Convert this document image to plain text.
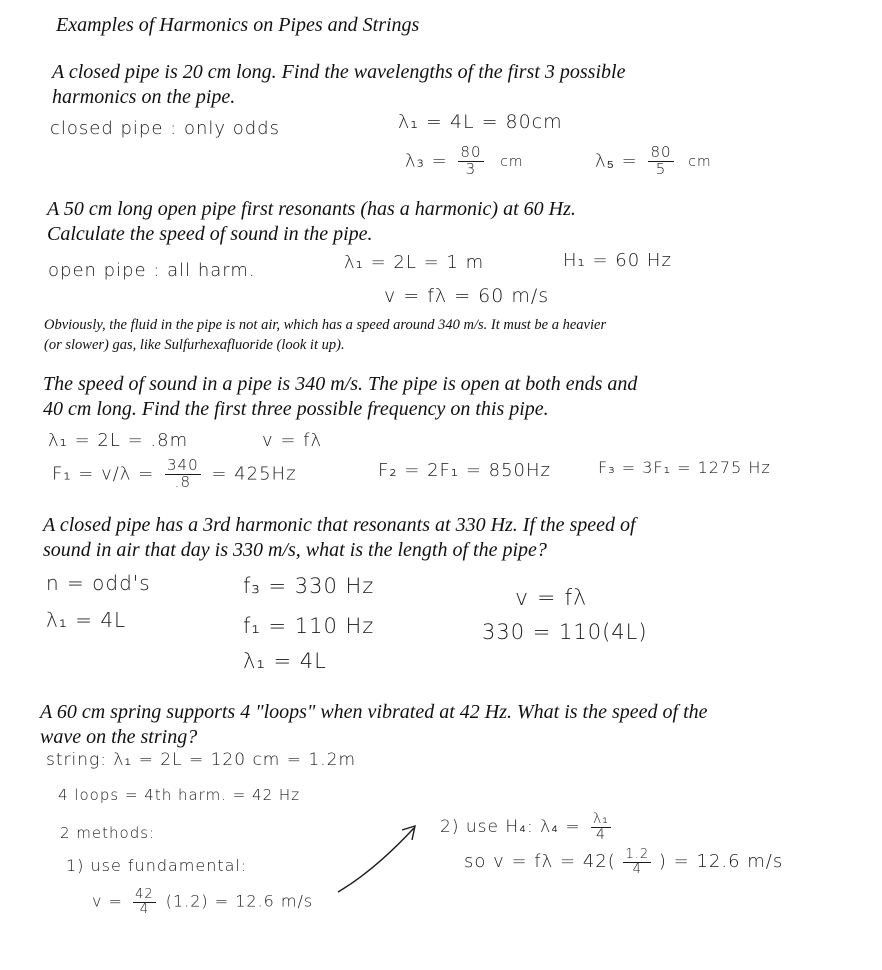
Examples of Harmonics on Pipes and Strings
A closed pipe is 20 cm long. Find the wavelengths of the first 3 possible
harmonics on the pipe.
closed pipe : only odds	λ₁ = 4L = 80cm
$\lambda_3 = \frac{80}{3}$ cm	$\lambda_5 = \frac{80}{5}$ cm
A 50 cm long open pipe first resonants (has a harmonic) at 60 Hz.
Calculate the speed of sound in the pipe.
open pipe : all harm.	λ₁ = 2L = 1 m	H₁ = 60 Hz
v = fλ = 60 m/s
Obviously, the fluid in the pipe is not air, which has a speed around 340 m/s. It must be a heavier
(or slower) gas, like Sulfurhexafluoride (look it up).
The speed of sound in a pipe is 340 m/s. The pipe is open at both ends and
40 cm long. Find the first three possible frequency on this pipe.
λ₁ = 2L = .8m	v = fλ
$F_1 = v/\lambda = \frac{340}{.8} = 425Hz$	F₂ = 2F₁ = 850Hz	F₃ = 3F₁ = 1275 Hz
A closed pipe has a 3rd harmonic that resonants at 330 Hz. If the speed of
sound in air that day is 330 m/s, what is the length of the pipe?
n = odd's
λ₁ = 4L
f₃ = 330 Hz
f₁ = 110 Hz
λ₁ = 4L
v = fλ
330 = 110(4L)
A 60 cm spring supports 4 "loops" when vibrated at 42 Hz. What is the speed of the
wave on the string?
string: λ₁ = 2L = 120 cm = 1.2m
4 loops = 4th harm. = 42 Hz
2 methods:
1) use fundamental:
$v = \frac{42}{4} (1.2) = 12.6$ m/s
2) use H₄: $\lambda_4 = \frac{\text{λ₁}}{4}$
so $v = f\lambda = 42( \frac{1.2}{4}$ ) = 12.6 m/s
